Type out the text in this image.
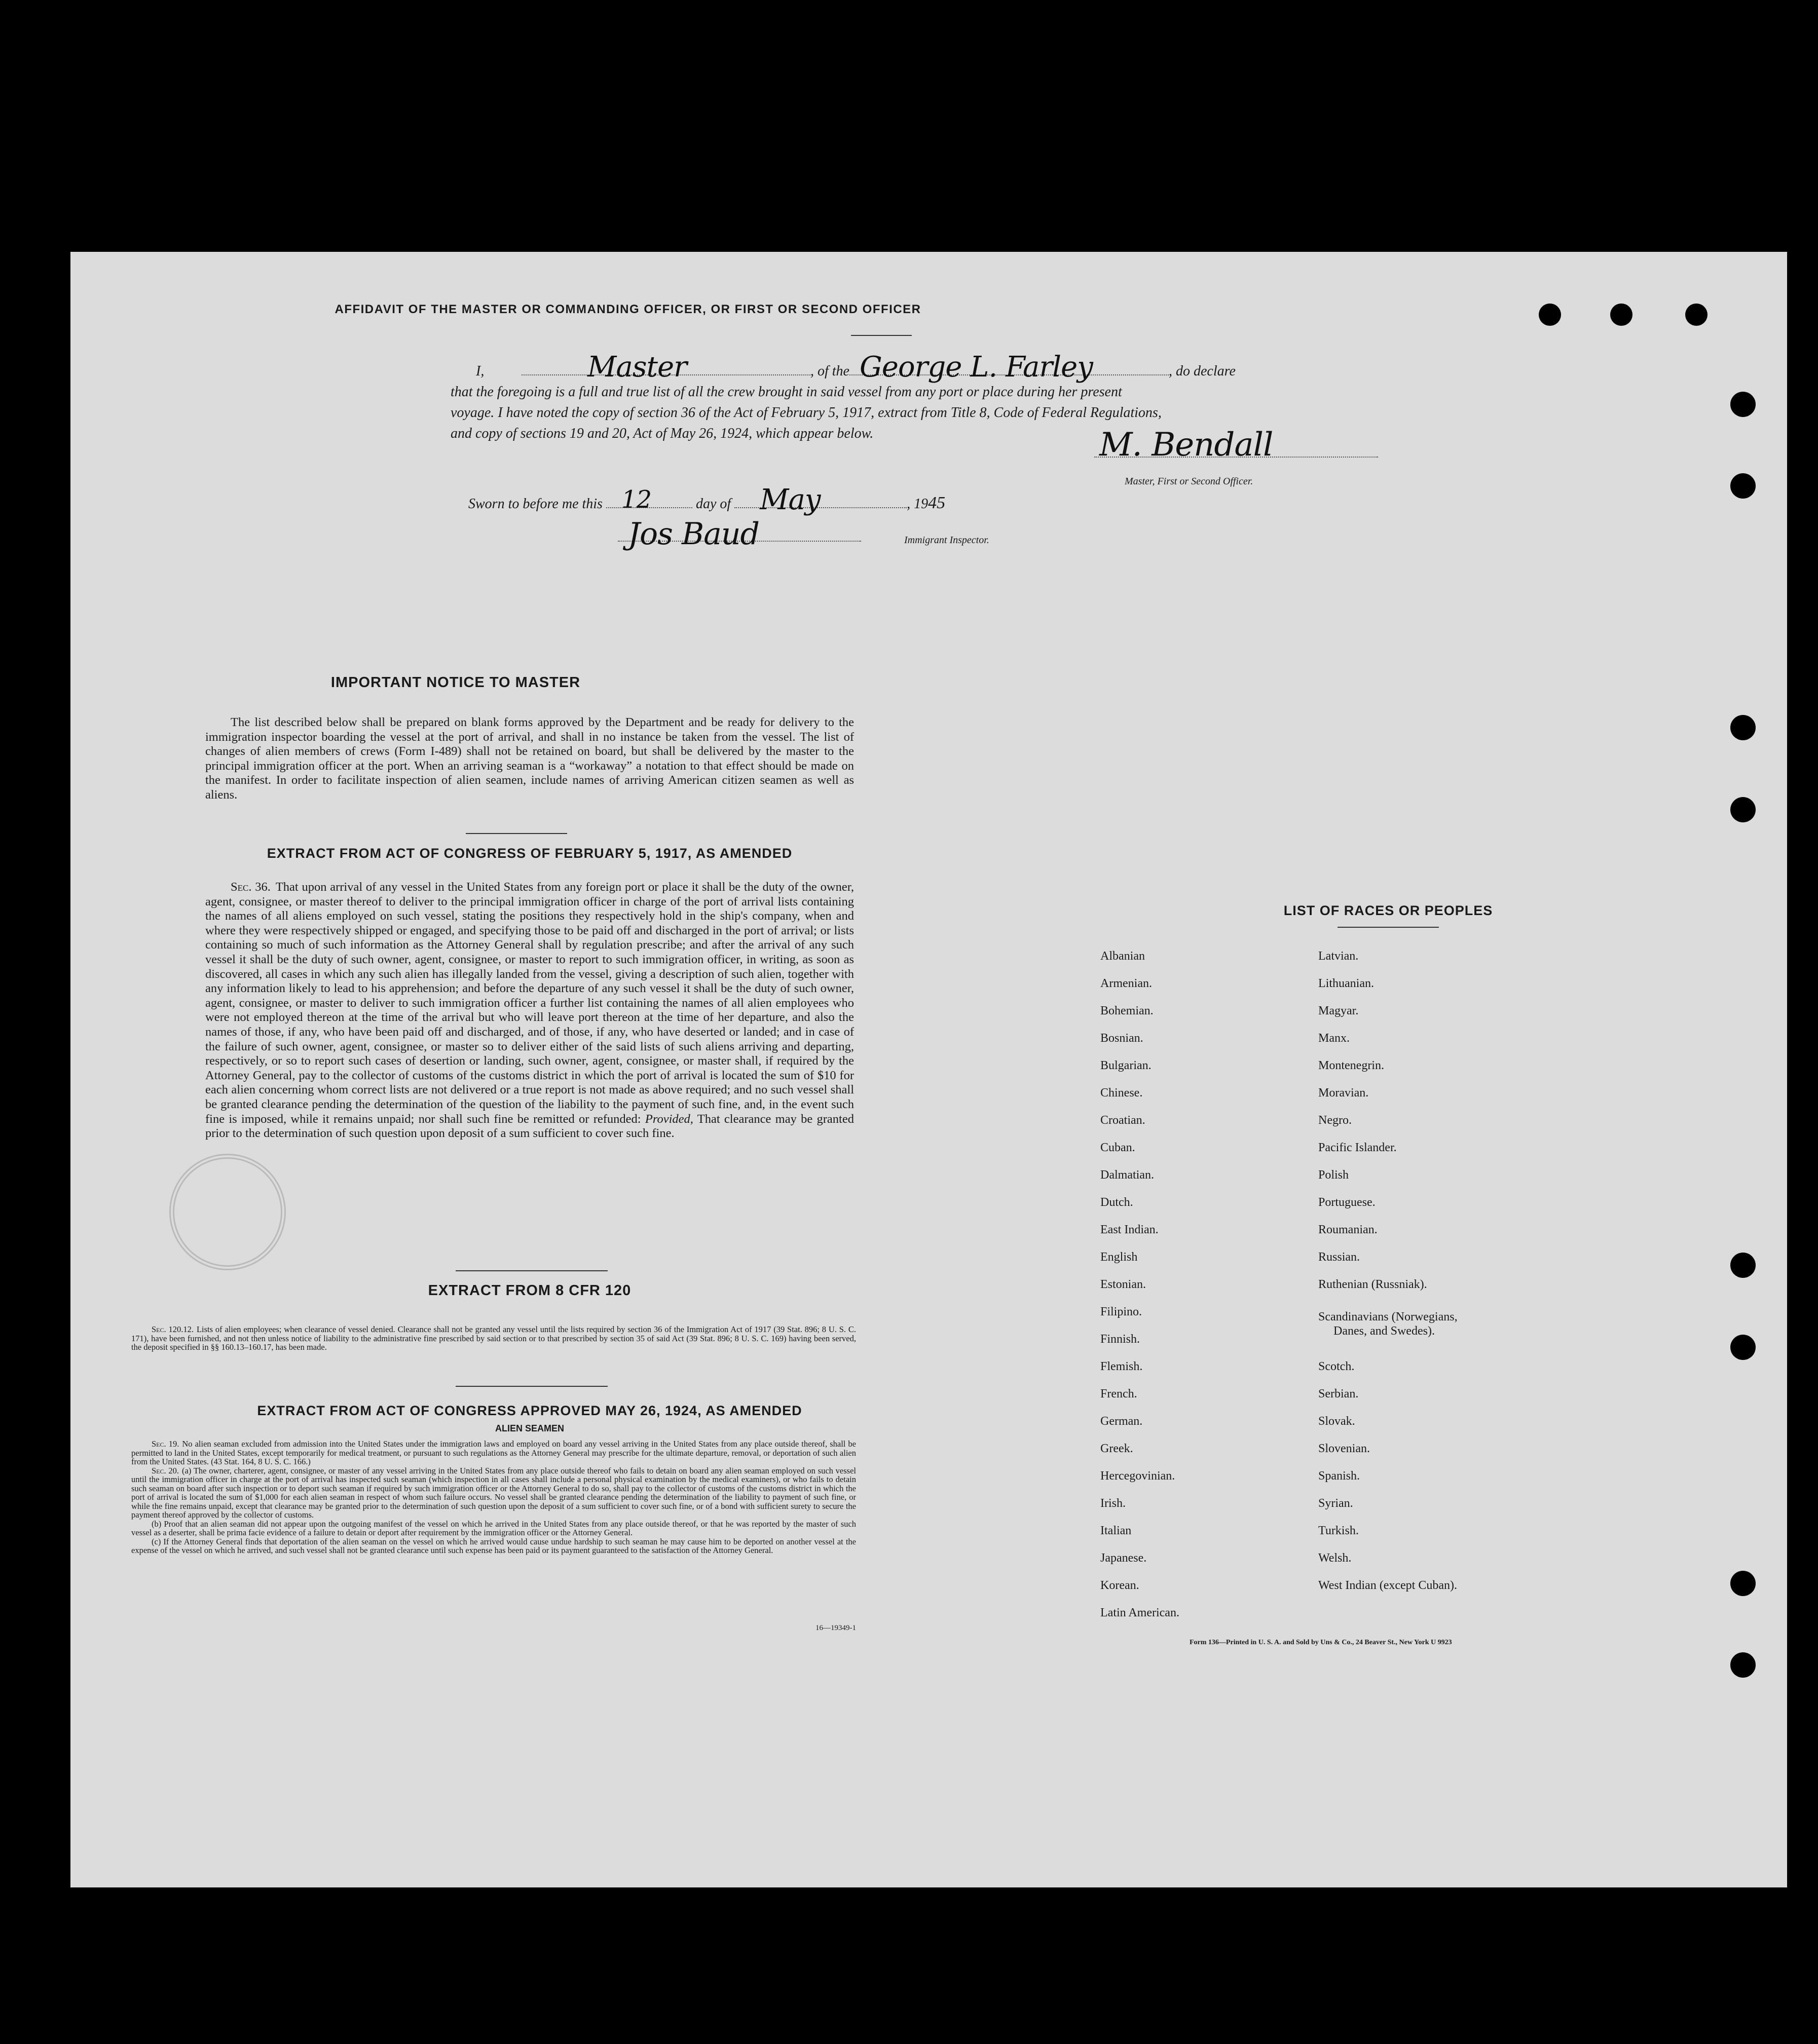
AFFIDAVIT OF THE MASTER OR COMMANDING OFFICER, OR FIRST OR SECOND OFFICER
I,	Master	, of the George L. Farley	, do declare
that the foregoing is a full and true list of all the crew brought in said vessel from any port or place during her present
voyage. I have noted the copy of section 36 of the Act of February 5, 1917, extract from Title 8, Code of Federal Regulations,
and copy of sections 19 and 20, Act of May 26, 1924, which appear below.	M. Bendall
Master, First or Second Officer.
Sworn to before me this 12	day of May	, 1945
Jos Baud	Immigrant Inspector.
IMPORTANT NOTICE TO MASTER

The list described below shall be prepared on blank forms approved by the Department and be ready for delivery to the immigration inspector boarding the vessel at the port of arrival, and shall in no instance be taken from the vessel. The list of changes of alien members of crews (Form I-489) shall not be retained on board, but shall be delivered by the master to the principal immigration officer at the port. When an arriving seaman is a “workaway” a notation to that effect should be made on the manifest. In order to facilitate inspection of alien seamen, include names of arriving American citizen seamen as well as aliens.

EXTRACT FROM ACT OF CONGRESS OF FEBRUARY 5, 1917, AS AMENDED

Sec. 36. That upon arrival of any vessel in the United States from any foreign port or place it shall be the duty of the owner, agent, consignee, or master thereof to deliver to the principal immigration officer in charge of the port of arrival lists containing the names of all aliens employed on such vessel, stating the positions they respectively hold in the ship's company, when and where they were respectively shipped or engaged, and specifying those to be paid off and discharged in the port of arrival; or lists containing so much of such information as the Attorney General shall by regulation prescribe; and after the arrival of any such vessel it shall be the duty of such owner, agent, consignee, or master to report to such immigration officer, in writing, as soon as discovered, all cases in which any such alien has illegally landed from the vessel, giving a description of such alien, together with any information likely to lead to his apprehension; and before the departure of any such vessel it shall be the duty of such owner, agent, consignee, or master to deliver to such immigration officer a further list containing the names of all alien employees who were not employed thereon at the time of the arrival but who will leave port thereon at the time of her departure, and also the names of those, if any, who have been paid off and discharged, and of those, if any, who have deserted or landed; and in case of the failure of such owner, agent, consignee, or master so to deliver either of the said lists of such aliens arriving and departing, respectively, or so to report such cases of desertion or landing, such owner, agent, consignee, or master shall, if required by the Attorney General, pay to the collector of customs of the customs district in which the port of arrival is located the sum of $10 for each alien concerning whom correct lists are not delivered or a true report is not made as above required; and no such vessel shall be granted clearance pending the determination of the question of the liability to the payment of such fine, and, in the event such fine is imposed, while it remains unpaid; nor shall such fine be remitted or refunded: Provided, That clearance may be granted prior to the determination of such question upon deposit of a sum sufficient to cover such fine.

EXTRACT FROM 8 CFR 120

Sec. 120.12. Lists of alien employees; when clearance of vessel denied. Clearance shall not be granted any vessel until the lists required by section 36 of the Immigration Act of 1917 (39 Stat. 896; 8 U. S. C. 171), have been furnished, and not then unless notice of liability to the administrative fine prescribed by said section or to that prescribed by section 35 of said Act (39 Stat. 896; 8 U. S. C. 169) having been served, the deposit specified in §§ 160.13–160.17, has been made.

EXTRACT FROM ACT OF CONGRESS APPROVED MAY 26, 1924, AS AMENDED
ALIEN SEAMEN

Sec. 19. No alien seaman excluded from admission into the United States under the immigration laws and employed on board any vessel arriving in the United States from any place outside thereof, shall be permitted to land in the United States, except temporarily for medical treatment, or pursuant to such regulations as the Attorney General may prescribe for the ultimate departure, removal, or deportation of such alien from the United States. (43 Stat. 164, 8 U. S. C. 166.)

Sec. 20. (a) The owner, charterer, agent, consignee, or master of any vessel arriving in the United States from any place outside thereof who fails to detain on board any alien seaman employed on such vessel until the immigration officer in charge at the port of arrival has inspected such seaman (which inspection in all cases shall include a personal physical examination by the medical examiners), or who fails to detain such seaman on board after such inspection or to deport such seaman if required by such immigration officer or the Attorney General to do so, shall pay to the collector of customs of the customs district in which the port of arrival is located the sum of $1,000 for each alien seaman in respect of whom such failure occurs. No vessel shall be granted clearance pending the determination of the liability to payment of such fine, or while the fine remains unpaid, except that clearance may be granted prior to the determination of such question upon the deposit of a sum sufficient to cover such fine, or of a bond with sufficient surety to secure the payment thereof approved by the collector of customs.

(b) Proof that an alien seaman did not appear upon the outgoing manifest of the vessel on which he arrived in the United States from any place outside thereof, or that he was reported by the master of such vessel as a deserter, shall be prima facie evidence of a failure to detain or deport after requirement by the immigration officer or the Attorney General.

(c) If the Attorney General finds that deportation of the alien seaman on the vessel on which he arrived would cause undue hardship to such seaman he may cause him to be deported on another vessel at the expense of the vessel on which he arrived, and such vessel shall not be granted clearance until such expense has been paid or its payment guaranteed to the satisfaction of the Attorney General.

16—19349-1
LIST OF RACES OR PEOPLES
Albanian
Armenian.
Bohemian.
Bosnian.
Bulgarian.
Chinese.
Croatian.
Cuban.
Dalmatian.
Dutch.
East Indian.
English
Estonian.
Filipino.
Finnish.
Flemish.
French.
German.
Greek.
Hercegovinian.
Irish.
Italian
Japanese.
Korean.
Latin American.
Latvian.
Lithuanian.
Magyar.
Manx.
Montenegrin.
Moravian.
Negro.
Pacific Islander.
Polish
Portuguese.
Roumanian.
Russian.
Ruthenian (Russniak).
Scandinavians (Norwegians,
Danes, and Swedes).
Scotch.
Serbian.
Slovak.
Slovenian.
Spanish.
Syrian.
Turkish.
Welsh.
West Indian (except Cuban).
Form 136—Printed in U. S. A. and Sold by Uns & Co., 24 Beaver St., New York U 9923
